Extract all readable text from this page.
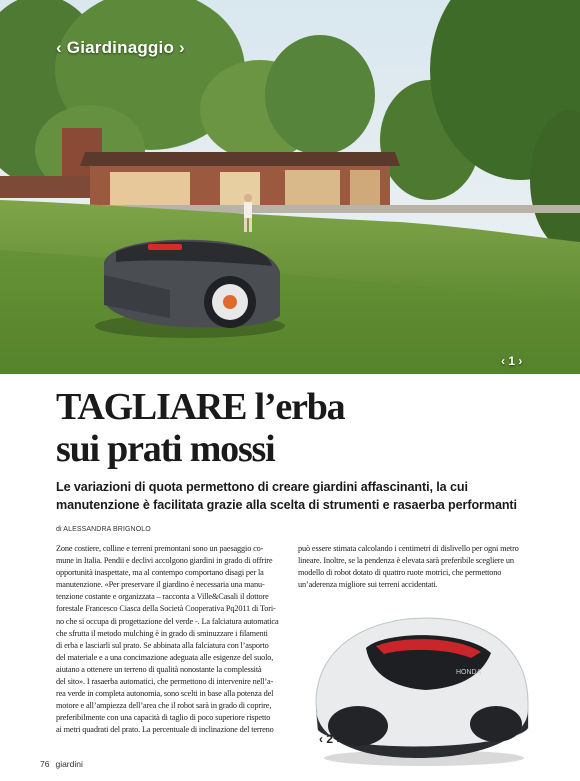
‹ Giardinaggio ›
‹ 1 ›
TAGLIARE l’erba
sui prati mossi

Le variazioni di quota permettono di creare giardini affascinanti, la cui
manutenzione è facilitata grazie alla scelta di strumenti e rasaerba performanti

di ALESSANDRA BRIGNOLO
Zone costiere, colline e terreni premontani sono un paesaggio co-
mune in Italia. Pendii e declivi accolgono giardini in grado di offrire
opportunità inaspettate, ma al contempo comportano disagi per la
manutenzione. «Per preservare il giardino è necessaria una manu-
tenzione costante e organizzata – racconta a Ville&Casali il dottore
forestale Francesco Ciasca della Società Cooperativa Pq2011 di Tori-
no che si occupa di progettazione del verde -. La falciatura automatica
che sfrutta il metodo mulching è in grado di sminuzzare i filamenti
di erba e lasciarli sul prato. Se abbinata alla falciatura con l’asporto
del materiale e a una concimazione adeguata alle esigenze del suolo,
aiutano a ottenere un terreno di qualità nonostante la complessità
del sito». I rasaerba automatici, che permettono di intervenire nell’a-
rea verde in completa autonomia, sono scelti in base alla potenza del
motore e all’ampiezza dell’area che il robot sarà in grado di coprire,
preferibilmente con una capacità di taglio di poco superiore rispetto
ai metri quadrati del prato. La percentuale di inclinazione del terreno
può essere stimata calcolando i centimetri di dislivello per ogni metro
lineare. Inoltre, se la pendenza è elevata sarà preferibile scegliere un
modello di robot dotato di quattro ruote motrici, che permettono
un’aderenza migliore sui terreni accidentati.
HONDA
‹ 2 ›
76 giardini
